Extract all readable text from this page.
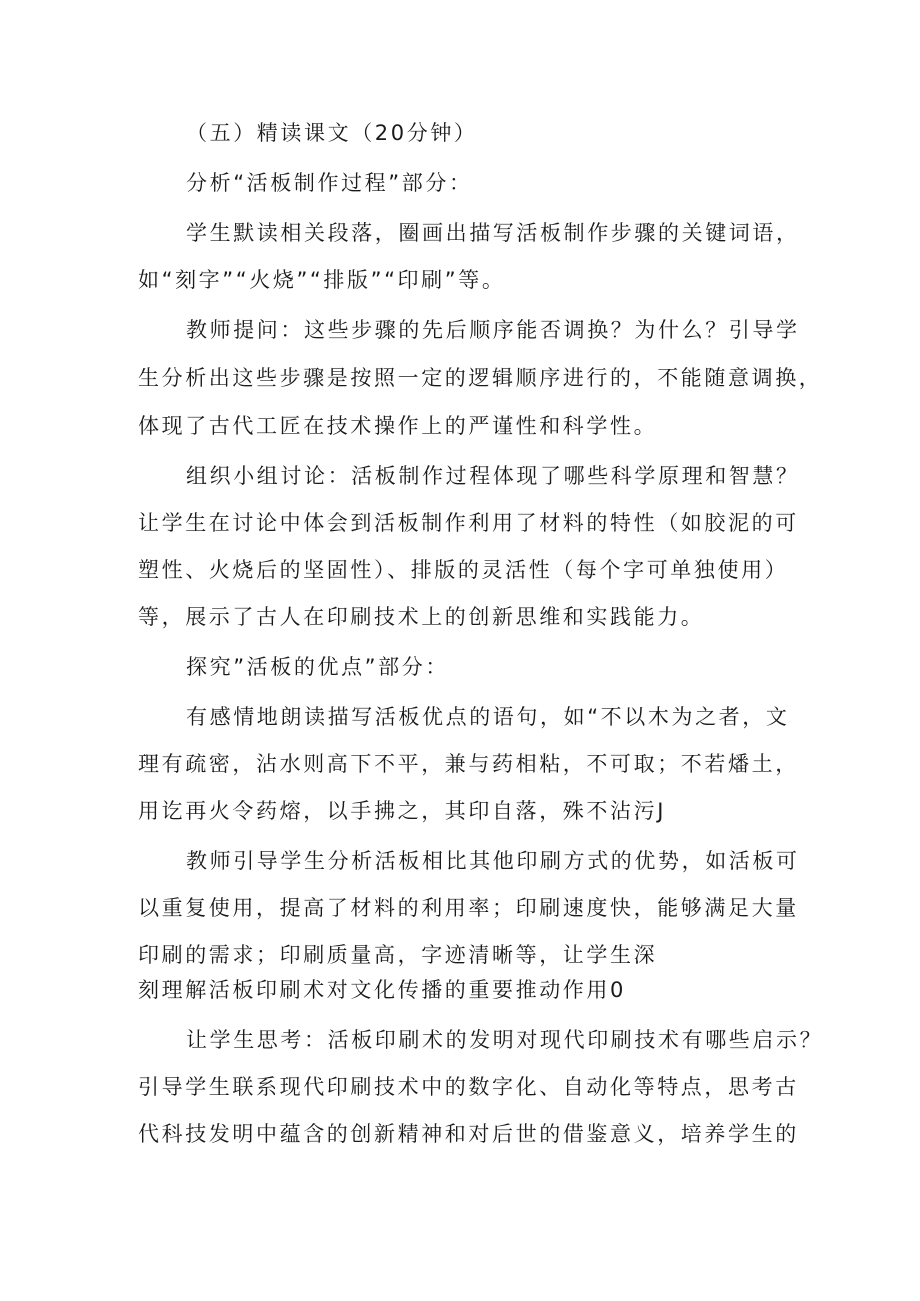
（五）精读课文（20分钟）
分析“活板制作过程”部分：
学生默读相关段落，圈画出描写活板制作步骤的关键词语，
如“刻字”“火烧”“排版”“印刷”等。
教师提问：这些步骤的先后顺序能否调换？为什么？引导学
生分析出这些步骤是按照一定的逻辑顺序进行的，不能随意调换，
体现了古代工匠在技术操作上的严谨性和科学性。
组织小组讨论：活板制作过程体现了哪些科学原理和智慧？
让学生在讨论中体会到活板制作利用了材料的特性（如胶泥的可
塑性、火烧后的坚固性）、排版的灵活性（每个字可单独使用）
等，展示了古人在印刷技术上的创新思维和实践能力。
探究”活板的优点”部分：
有感情地朗读描写活板优点的语句，如“不以木为之者，文
理有疏密，沾水则高下不平，兼与药相粘，不可取；不若燔土，
用讫再火令药熔，以手拂之，其印自落，殊不沾污J
教师引导学生分析活板相比其他印刷方式的优势，如活板可
以重复使用，提高了材料的利用率；印刷速度快，能够满足大量
印刷的需求；印刷质量高，字迹清晰等，让学生深
刻理解活板印刷术对文化传播的重要推动作用0
让学生思考：活板印刷术的发明对现代印刷技术有哪些启示？
引导学生联系现代印刷技术中的数字化、自动化等特点，思考古
代科技发明中蕴含的创新精神和对后世的借鉴意义，培养学生的
